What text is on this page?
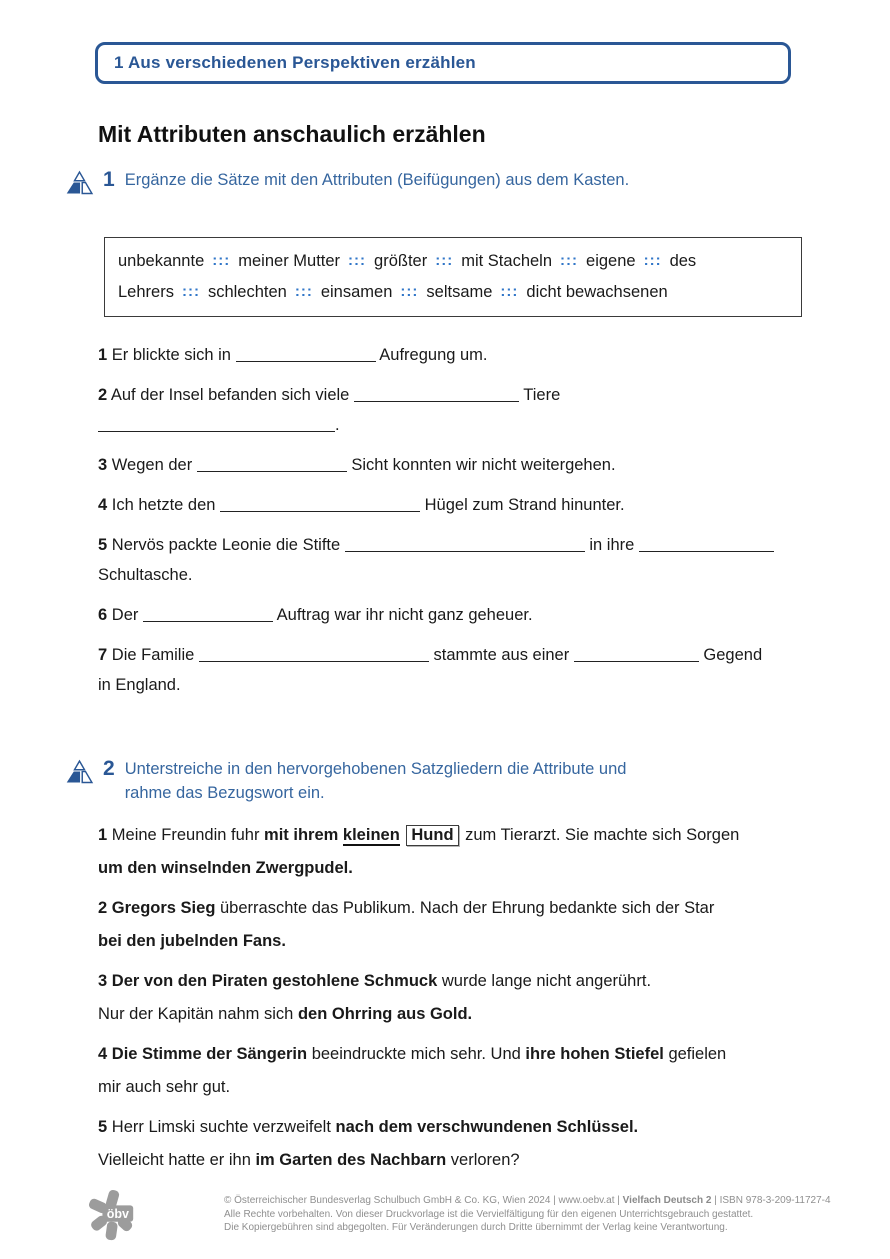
1 Aus verschiedenen Perspektiven erzählen
Mit Attributen anschaulich erzählen
1 Ergänze die Sätze mit den Attributen (Beifügungen) aus dem Kasten.
unbekannte ::: meiner Mutter ::: größter ::: mit Stacheln ::: eigene ::: des Lehrers ::: schlechten ::: einsamen ::: seltsame ::: dicht bewachsenen

1 Er blickte sich in	Aufregung um.

2 Auf der Insel befanden sich viele	Tiere
.

3 Wegen der	Sicht konnten wir nicht weitergehen.

4 Ich hetzte den	Hügel zum Strand hinunter.

5 Nervös packte Leonie die Stifte	in ihre
Schultasche.

6 Der	Auftrag war ihr nicht ganz geheuer.

7 Die Familie	stammte aus einer	Gegend
in England.

2 Unterstreiche in den hervorgehobenen Satzgliedern die Attribute und
rahme das Bezugswort ein.

1 Meine Freundin fuhr mit ihrem kleinen Hund zum Tierarzt. Sie machte sich Sorgen
um den winselnden Zwergpudel.

2 Gregors Sieg überraschte das Publikum. Nach der Ehrung bedankte sich der Star
bei den jubelnden Fans.

3 Der von den Piraten gestohlene Schmuck wurde lange nicht angerührt.
Nur der Kapitän nahm sich den Ohrring aus Gold.

4 Die Stimme der Sängerin beeindruckte mich sehr. Und ihre hohen Stiefel gefielen
mir auch sehr gut.

5 Herr Limski suchte verzweifelt nach dem verschwundenen Schlüssel.
Vielleicht hatte er ihn im Garten des Nachbarn verloren?

öbv
© Österreichischer Bundesverlag Schulbuch GmbH & Co. KG, Wien 2024 | www.oebv.at | Vielfach Deutsch 2 | ISBN 978-3-209-11727-4
Alle Rechte vorbehalten. Von dieser Druckvorlage ist die Vervielfältigung für den eigenen Unterrichtsgebrauch gestattet.
Die Kopiergebühren sind abgegolten. Für Veränderungen durch Dritte übernimmt der Verlag keine Verantwortung.
